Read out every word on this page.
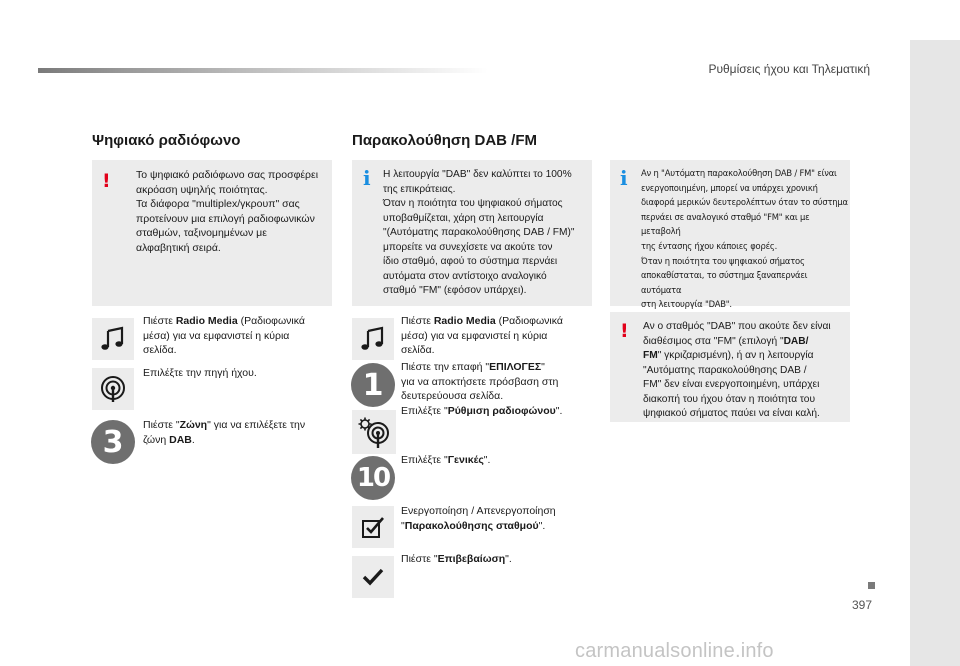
Ρυθμίσεις ήχου και Τηλεματική
Ψηφιακό ραδιόφωνο
! Το ψηφιακό ραδιόφωνο σας προσφέρει

ακρόαση υψηλής ποιότητας.

Τα διάφορα "multiplex/γκρουπ" σας

προτείνουν μια επιλογή ραδιοφωνικών

σταθμών, ταξινομημένων με

αλφαβητική σειρά.

Πιέστε Radio Media (Ραδιοφωνικά

μέσα) για να εμφανιστεί η κύρια

σελίδα.

Επιλέξτε την πηγή ήχου.
3	Πιέστε "Ζώνη" για να επιλέξετε την

ζώνη DAB.

Παρακολούθηση DAB /FM
i Η λειτουργία "DAB" δεν καλύπτει το 100%

της επικράτειας.

Όταν η ποιότητα του ψηφιακού σήματος

υποβαθμίζεται, χάρη στη λειτουργία

"(Αυτόματης παρακολούθησης DAB / FM)"

μπορείτε να συνεχίσετε να ακούτε τον

ίδιο σταθμό, αφού το σύστημα περνάει

αυτόματα στον αντίστοιχο αναλογικό

σταθμό "FM" (εφόσον υπάρχει).

Πιέστε Radio Media (Ραδιοφωνικά

μέσα) για να εμφανιστεί η κύρια

σελίδα.

1

Πιέστε την επαφή "ΕΠΙΛΟΓΕΣ"

για να αποκτήσετε πρόσβαση στη

δευτερεύουσα σελίδα.

Επιλέξτε "Ρύθμιση ραδιοφώνου".

10

Επιλέξτε "Γενικές".

Ενεργοποίηση / Απενεργοποίηση

"Παρακολούθησης σταθμού".

Πιέστε "Επιβεβαίωση".

i Αν η "Αυτόματη παρακολούθηση DAB / FM" είναι

ενεργοποιημένη, μπορεί να υπάρχει χρονική

διαφορά μερικών δευτερολέπτων όταν το σύστημα

περνάει σε αναλογικό σταθμό "FM" και με μεταβολή

της έντασης ήχου κάποιες φορές.

Όταν η ποιότητα του ψηφιακού σήματος

αποκαθίσταται, το σύστημα ξαναπερνάει αυτόματα

στη λειτουργία "DAB".

! Αν ο σταθμός "DAB" που ακούτε δεν είναι

διαθέσιμος στα "FM" (επιλογή "DAB/

FM" γκριζαρισμένη), ή αν η λειτουργία

"Αυτόματης παρακολούθησης DAB /

FM" δεν είναι ενεργοποιημένη, υπάρχει

διακοπή του ήχου όταν η ποιότητα του

ψηφιακού σήματος παύει να είναι καλή.

397
carmanualsonline.info
